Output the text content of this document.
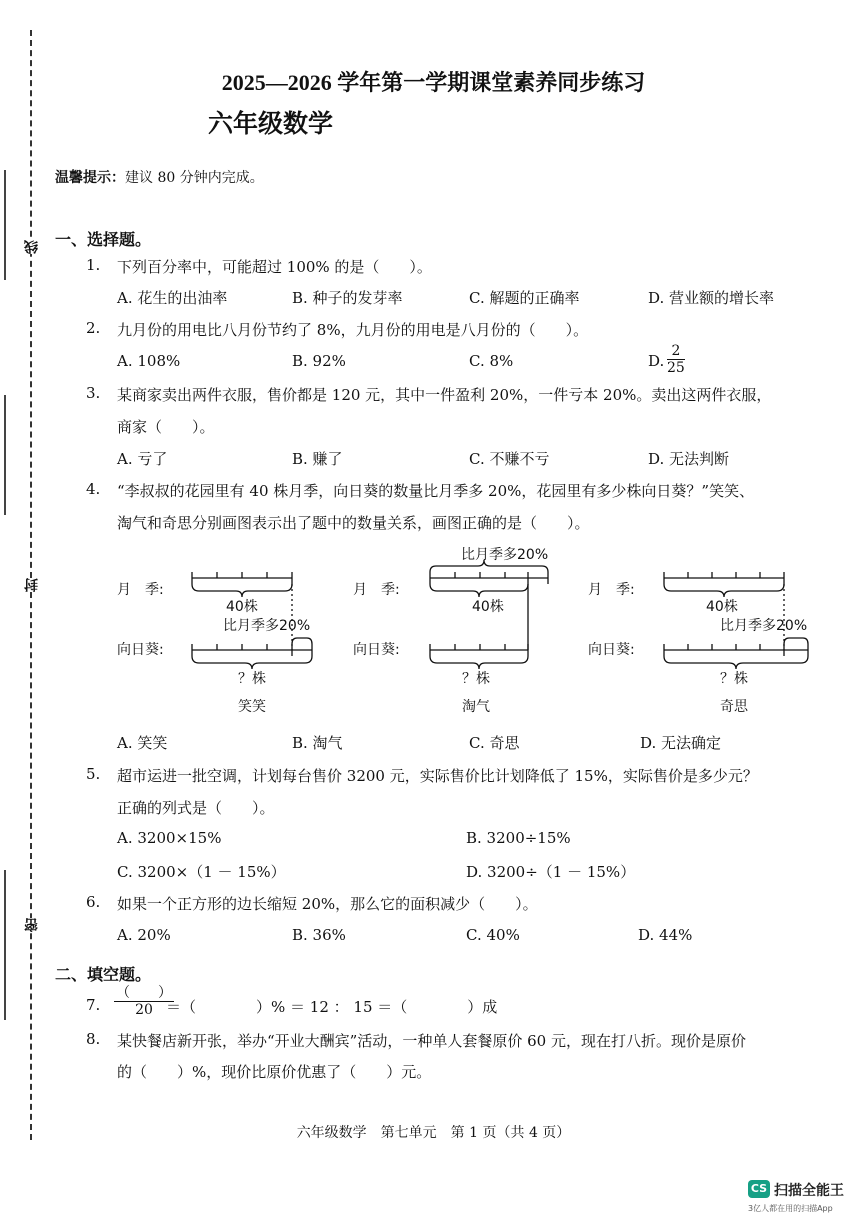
线
封
密
2025—2026 学年第一学期课堂素养同步练习
六年级数学
温馨提示：建议 80 分钟内完成。
一、选择题。
1. 下列百分率中，可能超过 100% 的是（　　）。
A. 花生的出油率	B. 种子的发芽率	C. 解题的正确率	D. 营业额的增长率
2. 九月份的用电比八月份节约了 8%，九月份的用电是八月份的（　　）。
A. 108%	B. 92%	C. 8%	D. $\frac{2}{25}$
3. 某商家卖出两件衣服，售价都是 120 元，其中一件盈利 20%，一件亏本 20%。卖出这两件衣服，
商家（　　）。
A. 亏了	B. 赚了	C. 不赚不亏	D. 无法判断
4. “李叔叔的花园里有 40 株月季，向日葵的数量比月季多 20%，花园里有多少株向日葵？”笑笑、
淘气和奇思分别画图表示出了题中的数量关系，画图正确的是（　　）。
月　季:
40株
比月季多20%
向日葵:
？株
笑笑
月　季:
比月季多20%
40株
向日葵:
？株
淘气
月　季:
40株
比月季多20%
向日葵:
？株
奇思
A. 笑笑	B. 淘气	C. 奇思	D. 无法确定
5. 超市运进一批空调，计划每台售价 3200 元，实际售价比计划降低了 15%，实际售价是多少元？
正确的列式是（　　）。
A. 3200×15%	B. 3200÷15%
C. 3200×（1 － 15%）	D. 3200÷（1 － 15%）
6. 如果一个正方形的边长缩短 20%，那么它的面积减少（　　）。
A. 20%	B. 36%	C. 40%	D. 44%
二、填空题。
7.
（　　）
20 ＝（　　　　）% ＝ 12 ： 15 ＝（　　　　）成
8. 某快餐店新开张，举办“开业大酬宾”活动，一种单人套餐原价 60 元，现在打八折。现价是原价
的（　　）%，现价比原价优惠了（　　）元。
六年级数学　第七单元　第 1 页（共 4 页）
CS 扫描全能王
3亿人都在用的扫描App
